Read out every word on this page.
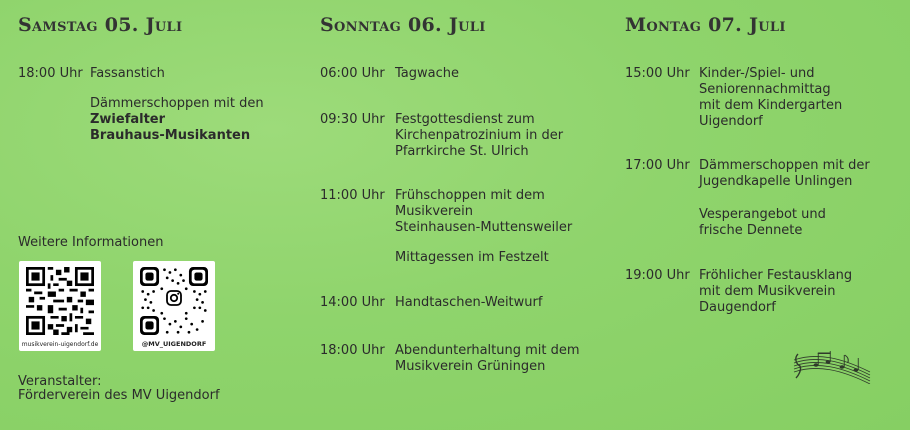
Samstag 05. Juli
18:00 Uhr Fassanstich
Dämmerschoppen mit den
Zwiefalter
Brauhaus-Musikanten
Weitere Informationen
musikverein-uigendorf.de	@MV_UIGENDORF
Veranstalter:
Förderverein des MV Uigendorf
Sonntag 06. Juli
06:00 Uhr Tagwache
09:30 Uhr Festgottesdienst zum
Kirchenpatrozinium in der
Pfarrkirche St. Ulrich
11:00 Uhr Frühschoppen mit dem
Musikverein
Steinhausen-Muttensweiler
Mittagessen im Festzelt
14:00 Uhr Handtaschen-Weitwurf
18:00 Uhr Abendunterhaltung mit dem
Musikverein Grüningen
Montag 07. Juli
15:00 Uhr Kinder-/Spiel- und
Seniorennachmittag
mit dem Kindergarten
Uigendorf
17:00 Uhr Dämmerschoppen mit der
Jugendkapelle Unlingen
Vesperangebot und
frische Dennete
19:00 Uhr Fröhlicher Festausklang
mit dem Musikverein
Daugendorf
